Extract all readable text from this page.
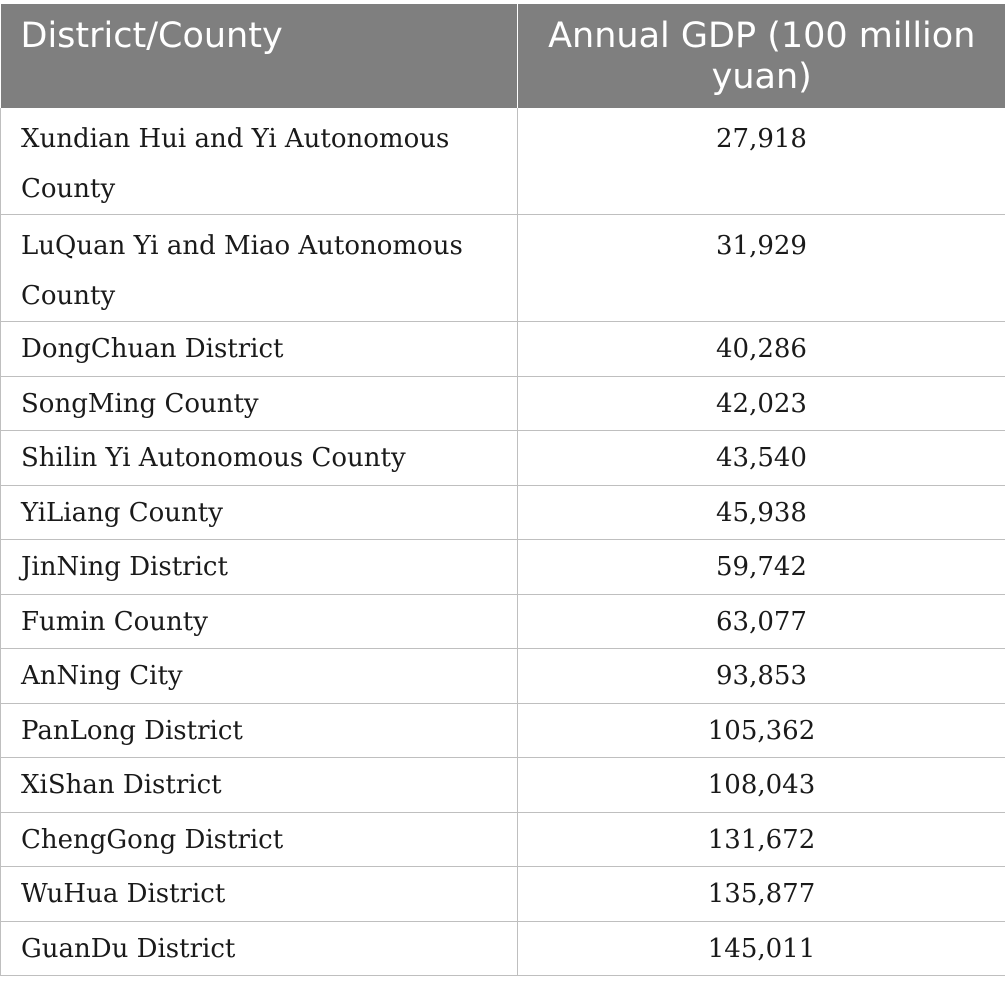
District/County	Annual GDP (100 million yuan)
Xundian Hui and Yi Autonomous County	27,918
LuQuan Yi and Miao Autonomous County	31,929
DongChuan District	40,286
SongMing County	42,023
Shilin Yi Autonomous County	43,540
YiLiang County	45,938
JinNing District	59,742
Fumin County	63,077
AnNing City	93,853
PanLong District	105,362
XiShan District	108,043
ChengGong District	131,672
WuHua District	135,877
GuanDu District	145,011
